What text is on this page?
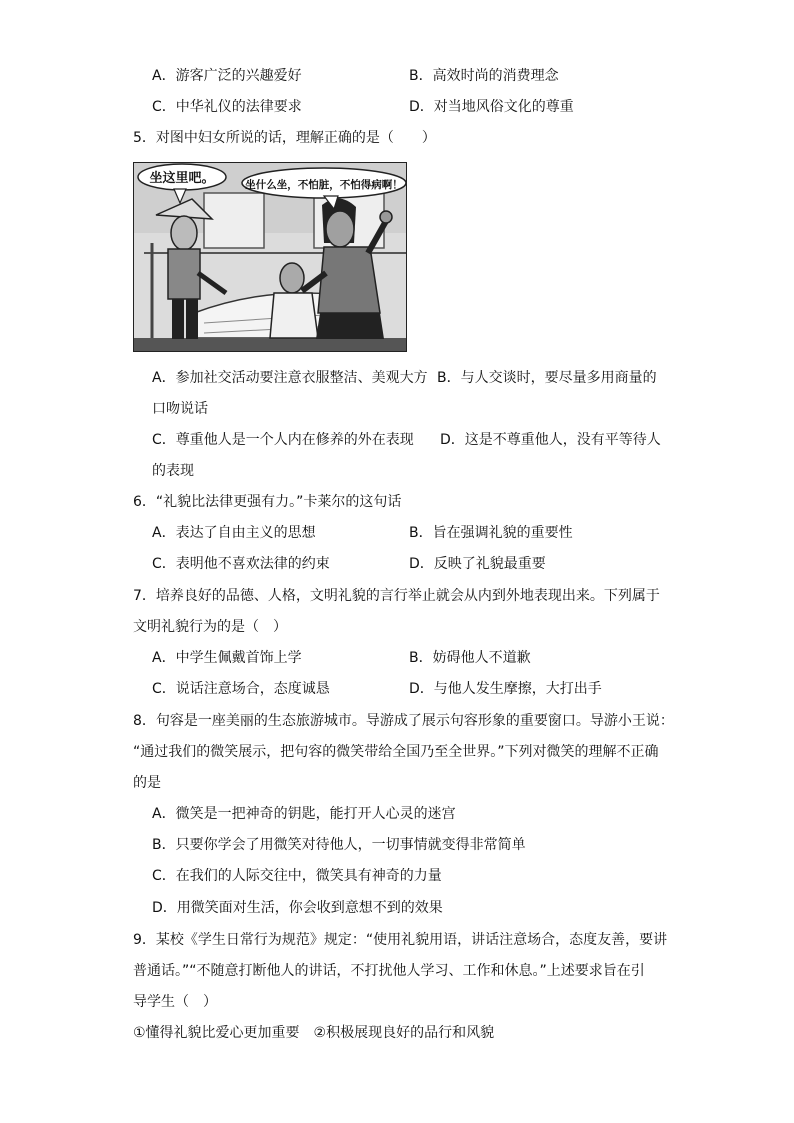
A．游客广泛的兴趣爱好	B．高效时尚的消费理念
C．中华礼仪的法律要求	D．对当地风俗文化的尊重
5．对图中妇女所说的话，理解正确的是（　　）
坐这里吧。	坐什么坐，不怕脏，不怕得病啊！
A．参加社交活动要注意衣服整洁、美观大方 B．与人交谈时，要尽量多用商量的
口吻说话
C．尊重他人是一个人内在修养的外在表现 D．这是不尊重他人，没有平等待人
的表现
6．“礼貌比法律更强有力。”卡莱尔的这句话
A．表达了自由主义的思想	B．旨在强调礼貌的重要性
C．表明他不喜欢法律的约束	D．反映了礼貌最重要
7．培养良好的品德、人格，文明礼貌的言行举止就会从内到外地表现出来。下列属于
文明礼貌行为的是（　）
A．中学生佩戴首饰上学	B．妨碍他人不道歉
C．说话注意场合，态度诚恳	D．与他人发生摩擦，大打出手
8．句容是一座美丽的生态旅游城市。导游成了展示句容形象的重要窗口。导游小王说：
“通过我们的微笑展示，把句容的微笑带给全国乃至全世界。”下列对微笑的理解不正确
的是
A．微笑是一把神奇的钥匙，能打开人心灵的迷宫
B．只要你学会了用微笑对待他人，一切事情就变得非常简单
C．在我们的人际交往中，微笑具有神奇的力量
D．用微笑面对生活，你会收到意想不到的效果
9．某校《学生日常行为规范》规定：“使用礼貌用语，讲话注意场合，态度友善，要讲
普通话。”“不随意打断他人的讲话，不打扰他人学习、工作和休息。”上述要求旨在引
导学生（　）
①懂得礼貌比爱心更加重要　②积极展现良好的品行和风貌
